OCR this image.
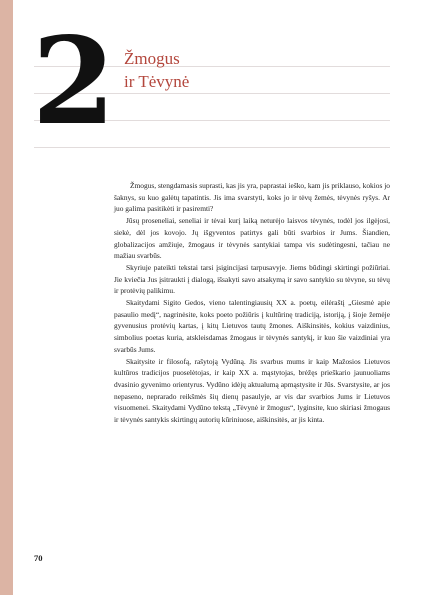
2 Žmogus
ir Tėvynė

Žmogus, stengdamasis suprasti, kas jis yra, paprastai ieško, kam jis priklauso, kokios jo šaknys, su kuo galėtų tapatintis. Jis ima svarstyti, koks jo ir tėvų žemės, tėvynės ryšys. Ar juo galima pasitikėti ir pasiremti?

Jūsų proseneliai, seneliai ir tėvai kurį laiką neturėjo laisvos tėvynės, todėl jos ilgėjosi, siekė, dėl jos kovojo. Jų išgyventos patirtys gali būti svarbios ir Jums. Šiandien, globalizacijos amžiuje, žmogaus ir tėvynės santykiai tampa vis sudėtingesni, tačiau ne mažiau svarbūs.

Skyriuje pateikti tekstai tarsi įsigincijasi tarpusavyje. Jiems būdingi skirtingi požiūriai. Jie kviečia Jus įsitraukti į dialogą, išsakyti savo atsakymą ir savo santykio su tėvyne, su tėvų ir protėvių palikimu.

Skaitydami Sigito Gedos, vieno talentingiausių XX a. poetų, eilėraštį „Giesmė apie pasaulio medį“, nagrinėsite, koks poeto požiūris į kultūrinę tradiciją, istoriją, į šioje žemėje gyvenusius protėvių kartas, į kitų Lietuvos tautų žmones. Aiškinsitės, kokius vaizdinius, simbolius poetas kuria, atskleisdamas žmogaus ir tėvynės santykį, ir kuo šie vaizdiniai yra svarbūs Jums.

Skaitysite ir filosofą, rašytoją Vydūną. Jis svarbus mums ir kaip Mažosios Lietuvos kultūros tradicijos puoselėtojas, ir kaip XX a. mąstytojas, brėžęs prieškario jaunuoliams dvasinio gyvenimo orientyrus. Vydūno idėjų aktualumą apmąstysite ir Jūs. Svarstysite, ar jos nepasenо, neprarado reikšmės šių dienų pasaulyje, ar vis dar svarbios Jums ir Lietuvos visuomenei. Skaitydami Vydūno tekstą „Tėvynė ir žmogus“, lyginsite, kuo skiriasi žmogaus ir tėvynės santykis skirtingų autorių kūriniuose, aiškinsitės, ar jis kinta.

70
